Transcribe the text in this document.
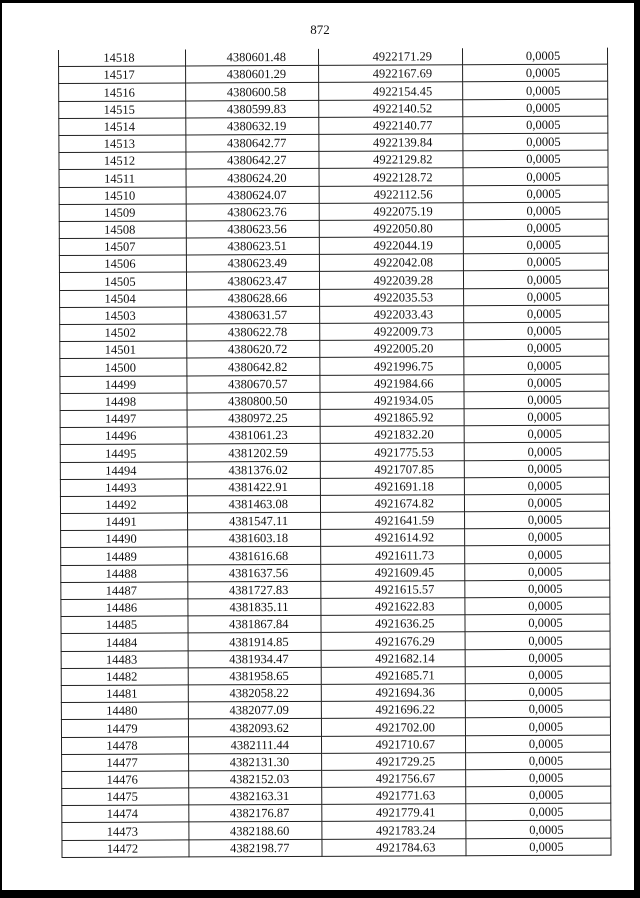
872
14518	4380601.48	4922171.29	0,0005
14517	4380601.29	4922167.69	0,0005
14516	4380600.58	4922154.45	0,0005
14515	4380599.83	4922140.52	0,0005
14514	4380632.19	4922140.77	0,0005
14513	4380642.77	4922139.84	0,0005
14512	4380642.27	4922129.82	0,0005
14511	4380624.20	4922128.72	0,0005
14510	4380624.07	4922112.56	0,0005
14509	4380623.76	4922075.19	0,0005
14508	4380623.56	4922050.80	0,0005
14507	4380623.51	4922044.19	0,0005
14506	4380623.49	4922042.08	0,0005
14505	4380623.47	4922039.28	0,0005
14504	4380628.66	4922035.53	0,0005
14503	4380631.57	4922033.43	0,0005
14502	4380622.78	4922009.73	0,0005
14501	4380620.72	4922005.20	0,0005
14500	4380642.82	4921996.75	0,0005
14499	4380670.57	4921984.66	0,0005
14498	4380800.50	4921934.05	0,0005
14497	4380972.25	4921865.92	0,0005
14496	4381061.23	4921832.20	0,0005
14495	4381202.59	4921775.53	0,0005
14494	4381376.02	4921707.85	0,0005
14493	4381422.91	4921691.18	0,0005
14492	4381463.08	4921674.82	0,0005
14491	4381547.11	4921641.59	0,0005
14490	4381603.18	4921614.92	0,0005
14489	4381616.68	4921611.73	0,0005
14488	4381637.56	4921609.45	0,0005
14487	4381727.83	4921615.57	0,0005
14486	4381835.11	4921622.83	0,0005
14485	4381867.84	4921636.25	0,0005
14484	4381914.85	4921676.29	0,0005
14483	4381934.47	4921682.14	0,0005
14482	4381958.65	4921685.71	0,0005
14481	4382058.22	4921694.36	0,0005
14480	4382077.09	4921696.22	0,0005
14479	4382093.62	4921702.00	0,0005
14478	4382111.44	4921710.67	0,0005
14477	4382131.30	4921729.25	0,0005
14476	4382152.03	4921756.67	0,0005
14475	4382163.31	4921771.63	0,0005
14474	4382176.87	4921779.41	0,0005
14473	4382188.60	4921783.24	0,0005
14472	4382198.77	4921784.63	0,0005
